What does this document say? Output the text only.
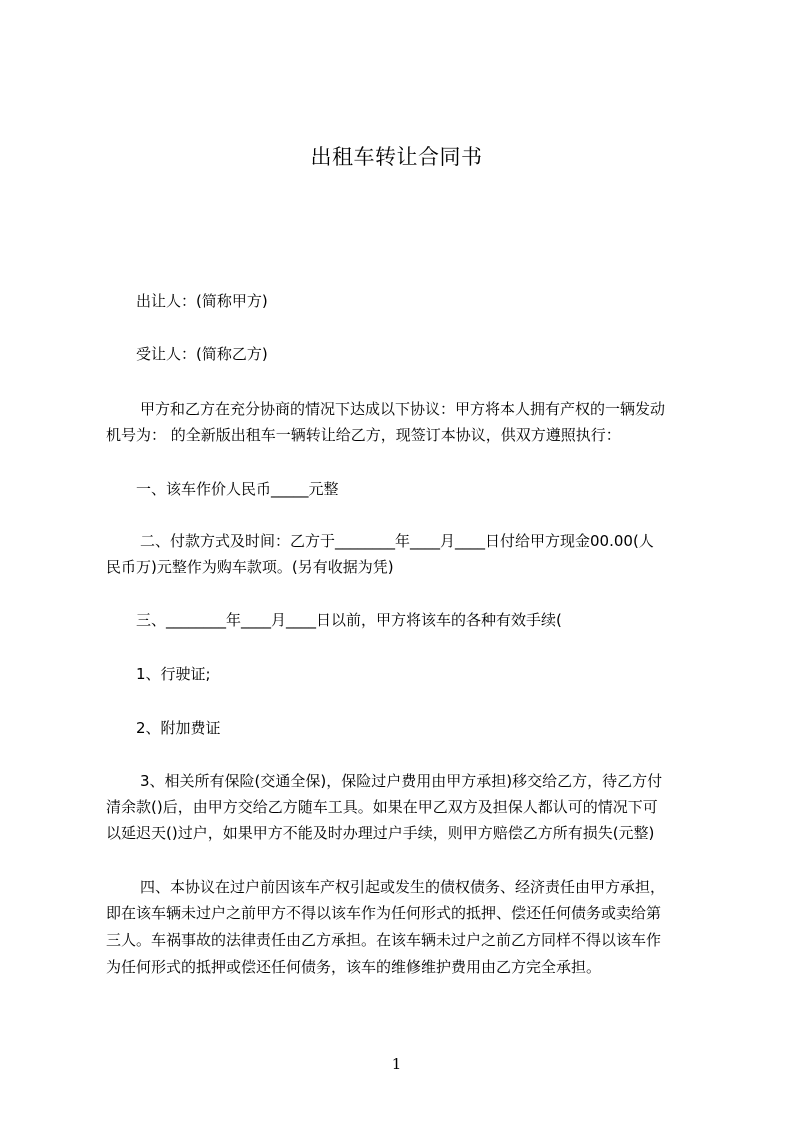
出租车转让合同书

出让人：(简称甲方)

受让人：(简称乙方)

甲方和乙方在充分协商的情况下达成以下协议：甲方将本人拥有产权的一辆发动

机号为： 的全新版出租车一辆转让给乙方，现签订本协议，供双方遵照执行：

一、该车作价人民币_____元整

二、付款方式及时间：乙方于________年____月____日付给甲方现金00.00(人

民币万)元整作为购车款项。(另有收据为凭)

三、________年____月____日以前，甲方将该车的各种有效手续(

1、行驶证;

2、附加费证

3、相关所有保险(交通全保)，保险过户费用由甲方承担)移交给乙方，待乙方付

清余款()后，由甲方交给乙方随车工具。如果在甲乙双方及担保人都认可的情况下可

以延迟天()过户，如果甲方不能及时办理过户手续，则甲方赔偿乙方所有损失(元整)

四、本协议在过户前因该车产权引起或发生的债权债务、经济责任由甲方承担，

即在该车辆未过户之前甲方不得以该车作为任何形式的抵押、偿还任何债务或卖给第

三人。车祸事故的法律责任由乙方承担。在该车辆未过户之前乙方同样不得以该车作

为任何形式的抵押或偿还任何债务，该车的维修维护费用由乙方完全承担。

1
